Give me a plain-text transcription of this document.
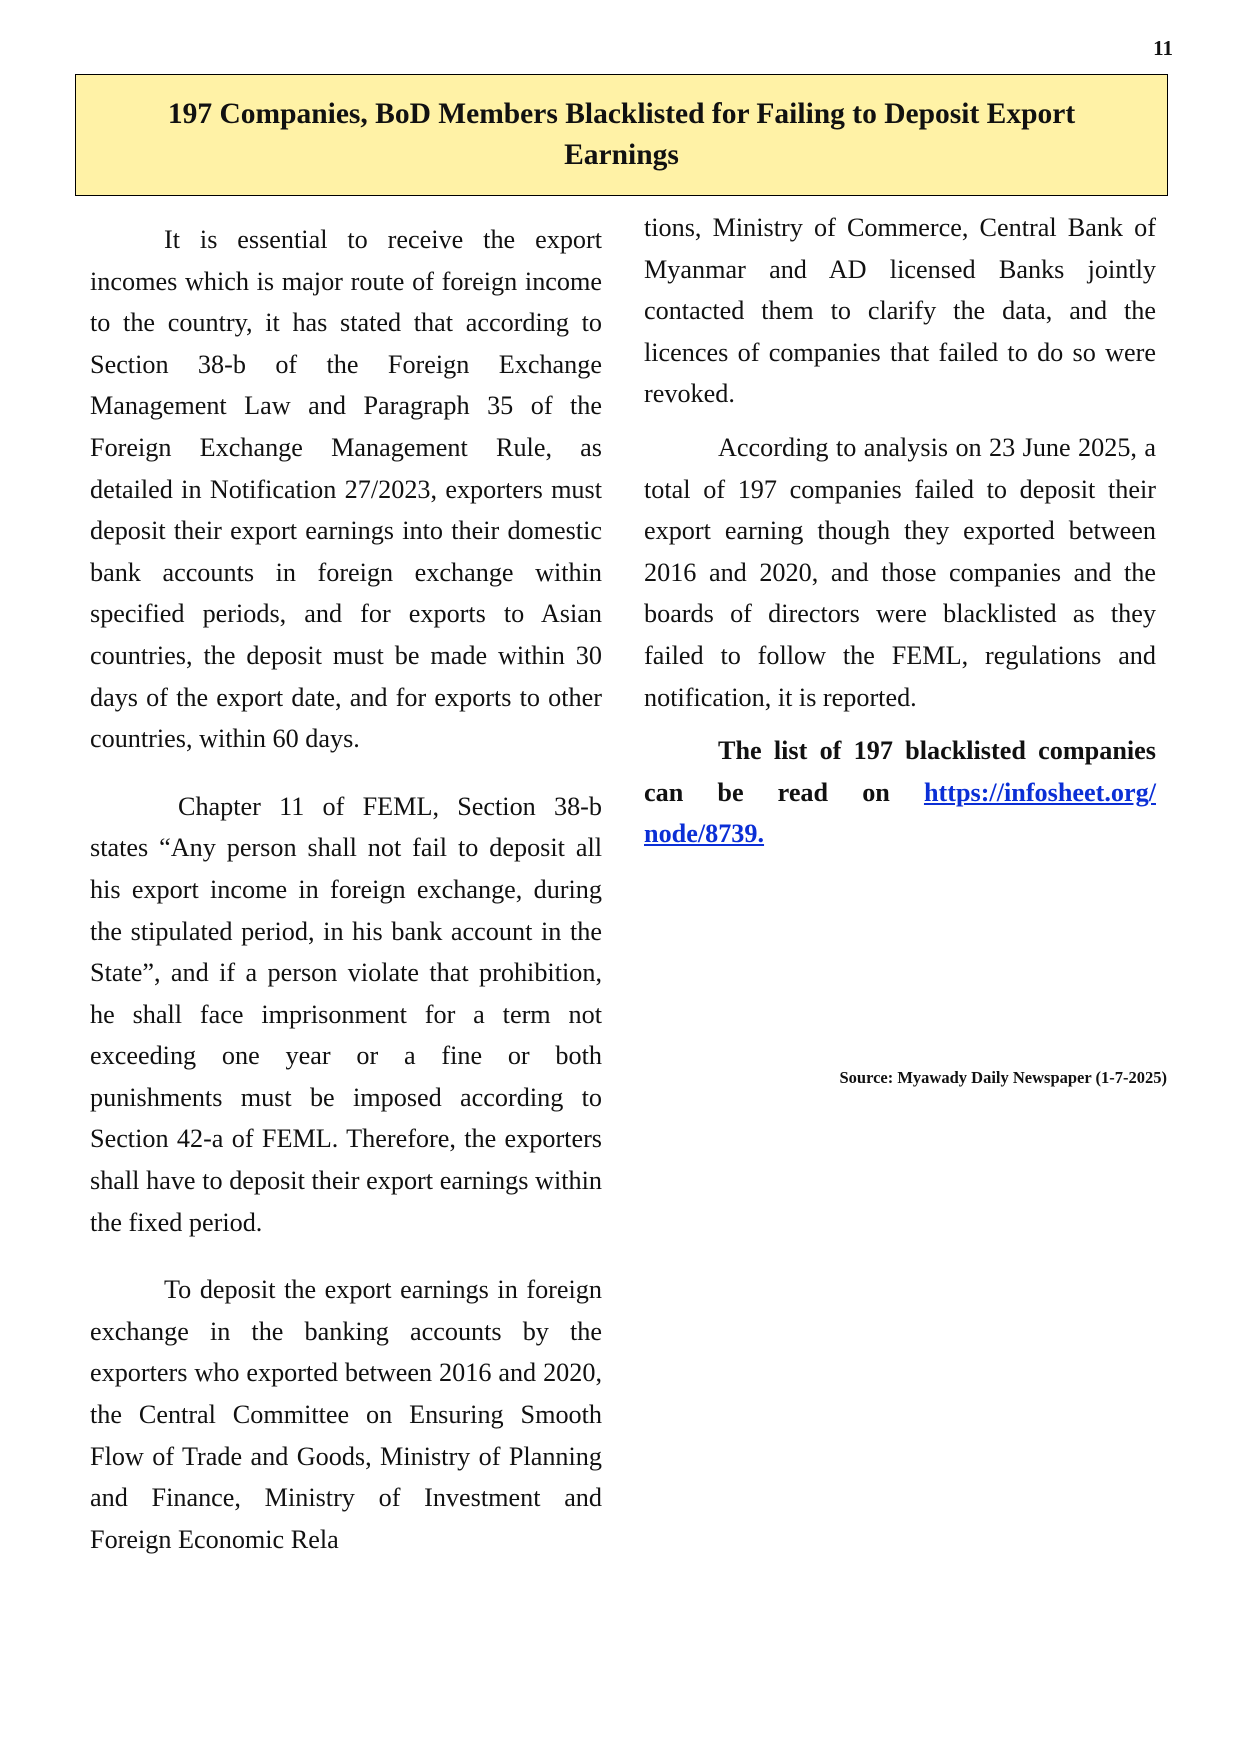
11
197 Companies, BoD Members Blacklisted for Failing to Deposit Export Earnings

It is essential to receive the export incomes which is major route of foreign income to the country, it has stated that according to Section 38-b of the Foreign Exchange Management Law and Paragraph 35 of the Foreign Exchange Management Rule, as detailed in Notification 27/2023, exporters must deposit their export earnings into their domestic bank accounts in foreign exchange within specified periods, and for exports to Asian countries, the deposit must be made within 30 days of the export date, and for exports to other countries, within 60 days.

Chapter 11 of FEML, Section 38-b states “Any person shall not fail to deposit all his export income in foreign exchange, during the stipulated period, in his bank account in the State”, and if a person violate that prohibition, he shall face imprisonment for a term not exceeding one year or a fine or both punishments must be imposed according to Section 42-a of FEML. Therefore, the exporters shall have to deposit their export earnings within the fixed period.

To deposit the export earnings in foreign exchange in the banking accounts by the exporters who exported between 2016 and 2020, the Central Committee on Ensuring Smooth Flow of Trade and Goods, Ministry of Planning and Finance, Ministry of Investment and Foreign Economic Rela

tions, Ministry of Commerce, Central Bank of Myanmar and AD licensed Banks jointly contacted them to clarify the data, and the licences of companies that failed to do so were revoked.

According to analysis on 23 June 2025, a total of 197 companies failed to deposit their export earning though they exported between 2016 and 2020, and those companies and the boards of directors were blacklisted as they failed to follow the FEML, regulations and notification, it is reported.

The list of 197 blacklisted companies can be read on https://infosheet.org/ node/8739.

Source: Myawady Daily Newspaper (1-7-2025)
